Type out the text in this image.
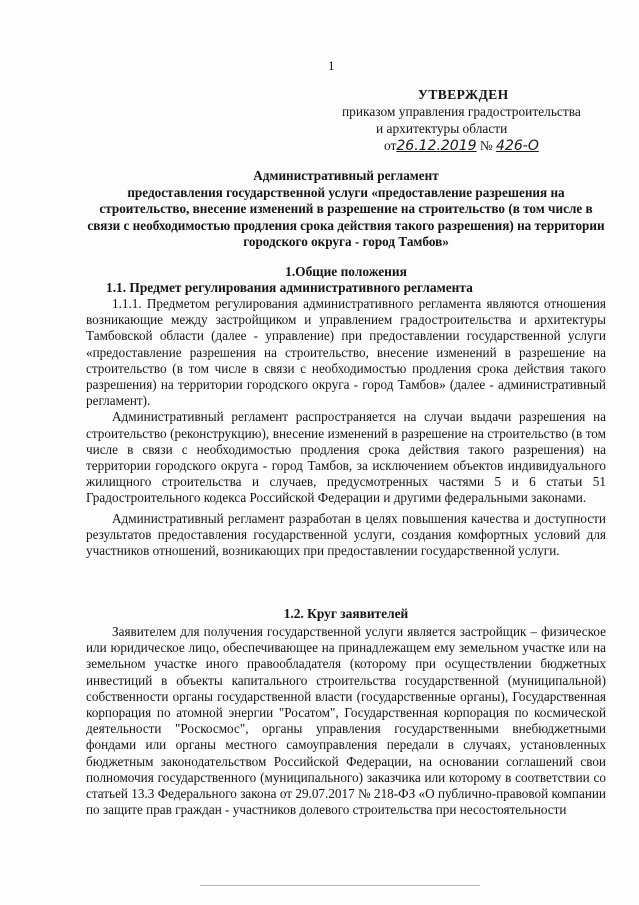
1
УТВЕРЖДЕН
приказом управления градостроительства
и архитектуры области
от26.12.2019 № 426-О
Административный регламент
предоставления государственной услуги «предоставление разрешения на строительство, внесение изменений в разрешение на строительство (в том числе в связи с необходимостью продления срока действия такого разрешения) на территории городского округа - город Тамбов»
1.Общие положения
1.1. Предмет регулирования административного регламента

1.1.1. Предметом регулирования административного регламента являются отношения возникающие между застройщиком и управлением градостроительства и архитектуры Тамбовской области (далее - управление) при предоставлении государственной услуги «предоставление разрешения на строительство, внесение изменений в разрешение на строительство (в том числе в связи с необходимостью продления срока действия такого разрешения) на территории городского округа - город Тамбов» (далее - административный регламент).

Административный регламент распространяется на случаи выдачи разрешения на строительство (реконструкцию), внесение изменений в разрешение на строительство (в том числе в связи с необходимостью продления срока действия такого разрешения) на территории городского округа - город Тамбов, за исключением объектов индивидуального жилищного строительства и случаев, предусмотренных частями 5 и 6 статьи 51 Градостроительного кодекса Российской Федерации и другими федеральными законами.

Административный регламент разработан в целях повышения качества и доступности результатов предоставления государственной услуги, создания комфортных условий для участников отношений, возникающих при предоставлении государственной услуги.

1.2. Круг заявителей

Заявителем для получения государственной услуги является застройщик – физическое или юридическое лицо, обеспечивающее на принадлежащем ему земельном участке или на земельном участке иного правообладателя (которому при осуществлении бюджетных инвестиций в объекты капитального строительства государственной (муниципальной) собственности органы государственной власти (государственные органы), Государственная корпорация по атомной энергии "Росатом", Государственная корпорация по космической деятельности "Роскосмос", органы управления государственными внебюджетными фондами или органы местного самоуправления передали в случаях, установленных бюджетным законодательством Российской Федерации, на основании соглашений свои полномочия государственного (муниципального) заказчика или которому в соответствии со статьей 13.3 Федерального закона от 29.07.2017 № 218-ФЗ «О публично-правовой компании по защите прав граждан - участников долевого строительства при несостоятельности
